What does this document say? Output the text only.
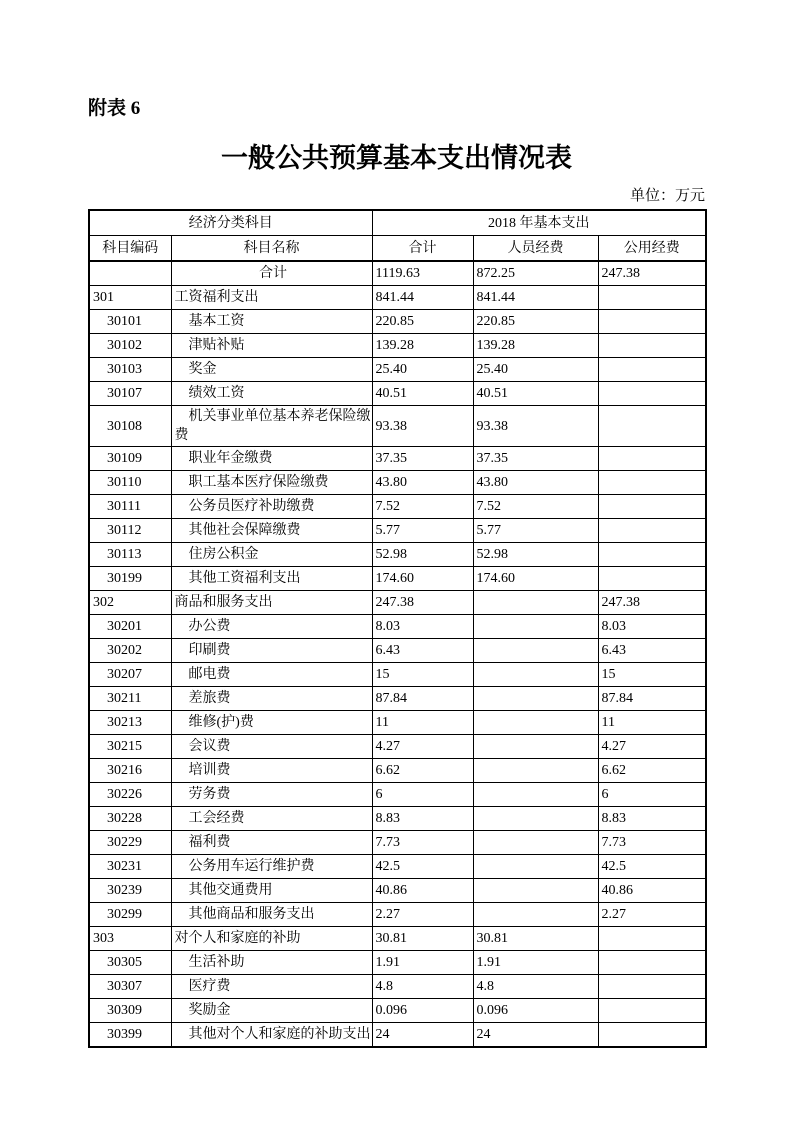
附表 6
一般公共预算基本支出情况表
单位：万元
经济分类科目		2018 年基本支出		
科目编码	科目名称	合计	人员经费	公用经费
	合计	1119.63	872.25	247.38
301	工资福利支出	841.44	841.44	
30101	基本工资	220.85	220.85	
30102	津贴补贴	139.28	139.28	
30103	奖金	25.40	25.40	
30107	绩效工资	40.51	40.51	
30108	机关事业单位基本养老保险缴费	93.38	93.38	
30109	职业年金缴费	37.35	37.35	
30110	职工基本医疗保险缴费	43.80	43.80	
30111	公务员医疗补助缴费	7.52	7.52	
30112	其他社会保障缴费	5.77	5.77	
30113	住房公积金	52.98	52.98	
30199	其他工资福利支出	174.60	174.60	
302	商品和服务支出	247.38		247.38
30201	办公费	8.03		8.03
30202	印刷费	6.43		6.43
30207	邮电费	15		15
30211	差旅费	87.84		87.84
30213	维修(护)费	11		11
30215	会议费	4.27		4.27
30216	培训费	6.62		6.62
30226	劳务费	6		6
30228	工会经费	8.83		8.83
30229	福利费	7.73		7.73
30231	公务用车运行维护费	42.5		42.5
30239	其他交通费用	40.86		40.86
30299	其他商品和服务支出	2.27		2.27
303	对个人和家庭的补助	30.81	30.81	
30305	生活补助	1.91	1.91	
30307	医疗费	4.8	4.8	
30309	奖励金	0.096	0.096	
30399	其他对个人和家庭的补助支出	24	24	
